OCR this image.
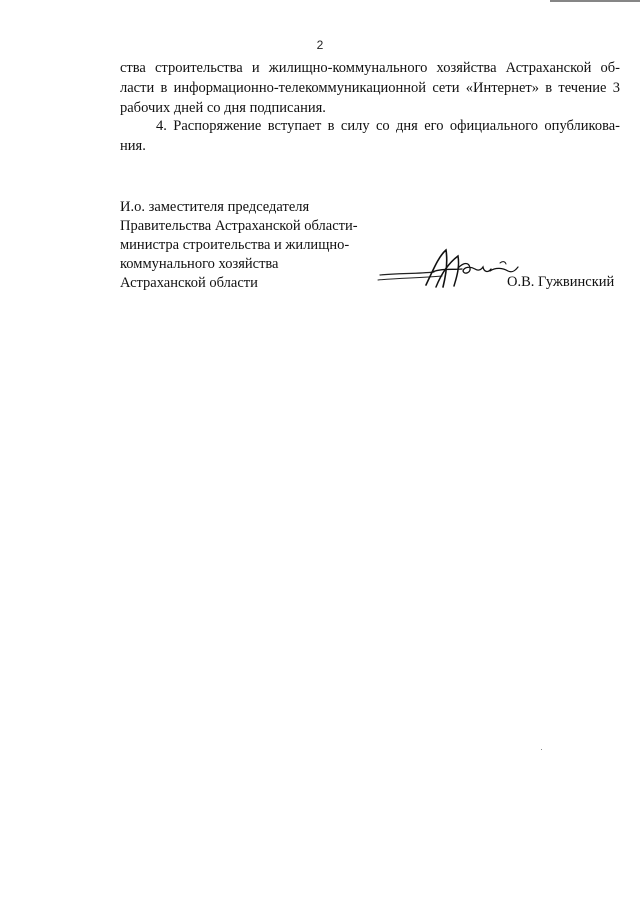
2
ства строительства и жилищно-коммунального хозяйства Астраханской об-
ласти в информационно-телекоммуникационной сети «Интернет» в течение 3
рабочих дней со дня подписания.
4. Распоряжение вступает в силу со дня его официального опубликова-
ния.
И.о. заместителя председателя
Правительства Астраханской области-
министра строительства и жилищно-
коммунального хозяйства
Астраханской области	О.В. Гужвинский
